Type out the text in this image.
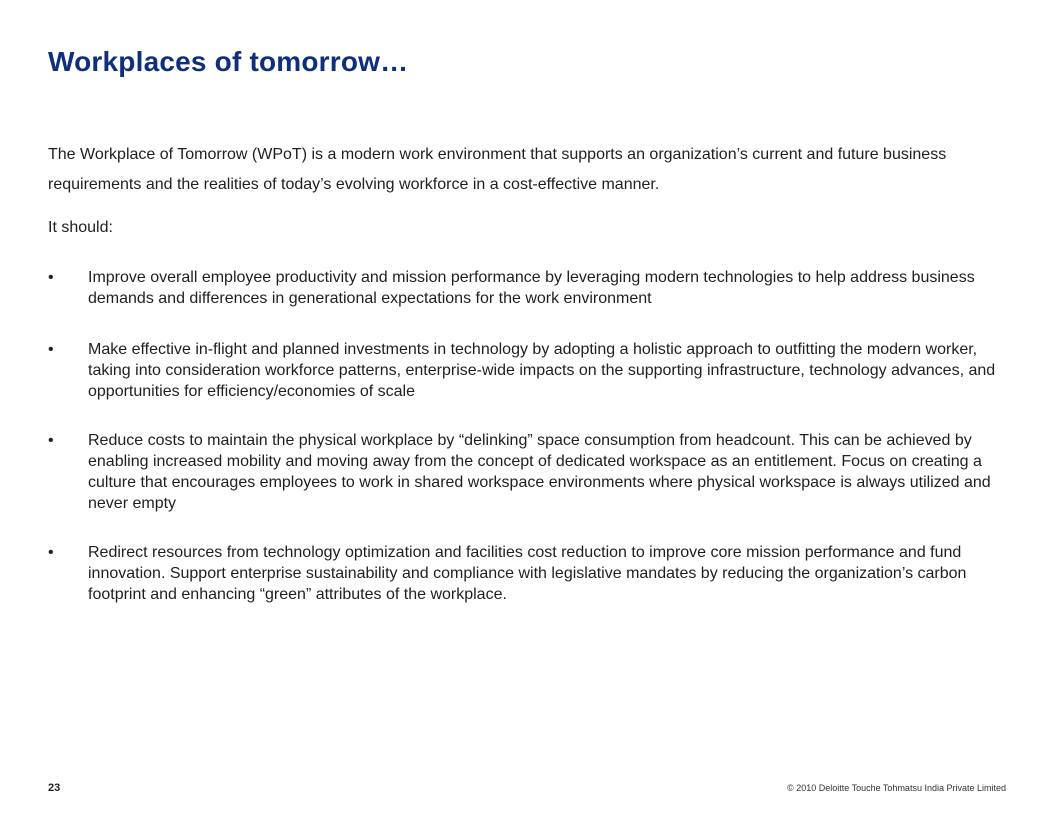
Workplaces of tomorrow…

The Workplace of Tomorrow (WPoT) is a modern work environment that supports an organization’s current and future business requirements and the realities of today’s evolving workforce in a cost-effective manner.

It should:

• Improve overall employee productivity and mission performance by leveraging modern technologies to help address business demands and differences in generational expectations for the work environment
• Make effective in-flight and planned investments in technology by adopting a holistic approach to outfitting the modern worker, taking into consideration workforce patterns, enterprise-wide impacts on the supporting infrastructure, technology advances, and opportunities for efficiency/economies of scale
• Reduce costs to maintain the physical workplace by “delinking” space consumption from headcount. This can be achieved by enabling increased mobility and moving away from the concept of dedicated workspace as an entitlement. Focus on creating a culture that encourages employees to work in shared workspace environments where physical workspace is always utilized and never empty
• Redirect resources from technology optimization and facilities cost reduction to improve core mission performance and fund innovation. Support enterprise sustainability and compliance with legislative mandates by reducing the organization’s carbon footprint and enhancing “green” attributes of the workplace.
23	© 2010 Deloitte Touche Tohmatsu India Private Limited
